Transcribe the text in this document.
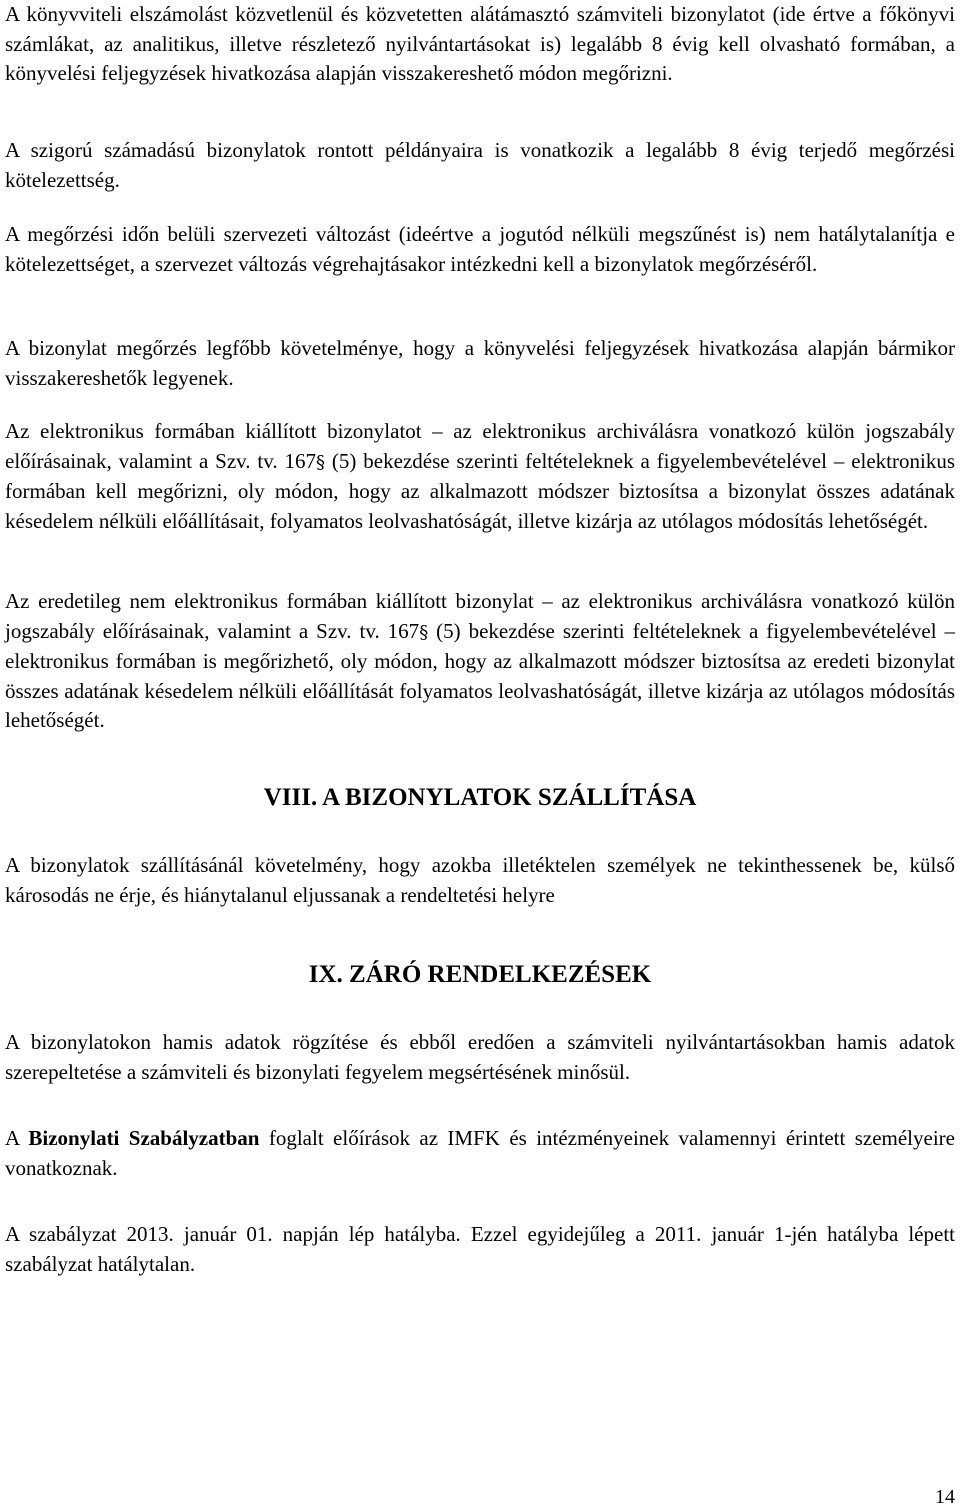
A könyvviteli elszámolást közvetlenül és közvetetten alátámasztó számviteli bizonylatot (ide értve a főkönyvi számlákat, az analitikus, illetve részletező nyilvántartásokat is) legalább 8 évig kell olvasható formában, a könyvelési feljegyzések hivatkozása alapján visszakereshető módon megőrizni.

A szigorú számadású bizonylatok rontott példányaira is vonatkozik a legalább 8 évig terjedő megőrzési kötelezettség.

A megőrzési időn belüli szervezeti változást (ideértve a jogutód nélküli megszűnést is) nem hatálytalanítja e kötelezettséget, a szervezet változás végrehajtásakor intézkedni kell a bizonylatok megőrzéséről.

A bizonylat megőrzés legfőbb követelménye, hogy a könyvelési feljegyzések hivatkozása alapján bármikor visszakereshetők legyenek.

Az elektronikus formában kiállított bizonylatot – az elektronikus archiválásra vonatkozó külön jogszabály előírásainak, valamint a Szv. tv. 167§ (5) bekezdése szerinti feltételeknek a figyelembevételével – elektronikus formában kell megőrizni, oly módon, hogy az alkalmazott módszer biztosítsa a bizonylat összes adatának késedelem nélküli előállításait, folyamatos leolvashatóságát, illetve kizárja az utólagos módosítás lehetőségét.

Az eredetileg nem elektronikus formában kiállított bizonylat – az elektronikus archiválásra vonatkozó külön jogszabály előírásainak, valamint a Szv. tv. 167§ (5) bekezdése szerinti feltételeknek a figyelembevételével – elektronikus formában is megőrizhető, oly módon, hogy az alkalmazott módszer biztosítsa az eredeti bizonylat összes adatának késedelem nélküli előállítását folyamatos leolvashatóságát, illetve kizárja az utólagos módosítás lehetőségét.

VIII. A BIZONYLATOK SZÁLLÍTÁSA

A bizonylatok szállításánál követelmény, hogy azokba illetéktelen személyek ne tekinthessenek be, külső károsodás ne érje, és hiánytalanul eljussanak a rendeltetési helyre

IX. ZÁRÓ RENDELKEZÉSEK

A bizonylatokon hamis adatok rögzítése és ebből eredően a számviteli nyilvántartásokban hamis adatok szerepeltetése a számviteli és bizonylati fegyelem megsértésének minősül.

A Bizonylati Szabályzatban foglalt előírások az IMFK és intézményeinek valamennyi érintett személyeire vonatkoznak.

A szabályzat 2013. január 01. napján lép hatályba. Ezzel egyidejűleg a 2011. január 1-jén hatályba lépett szabályzat hatálytalan.

14
